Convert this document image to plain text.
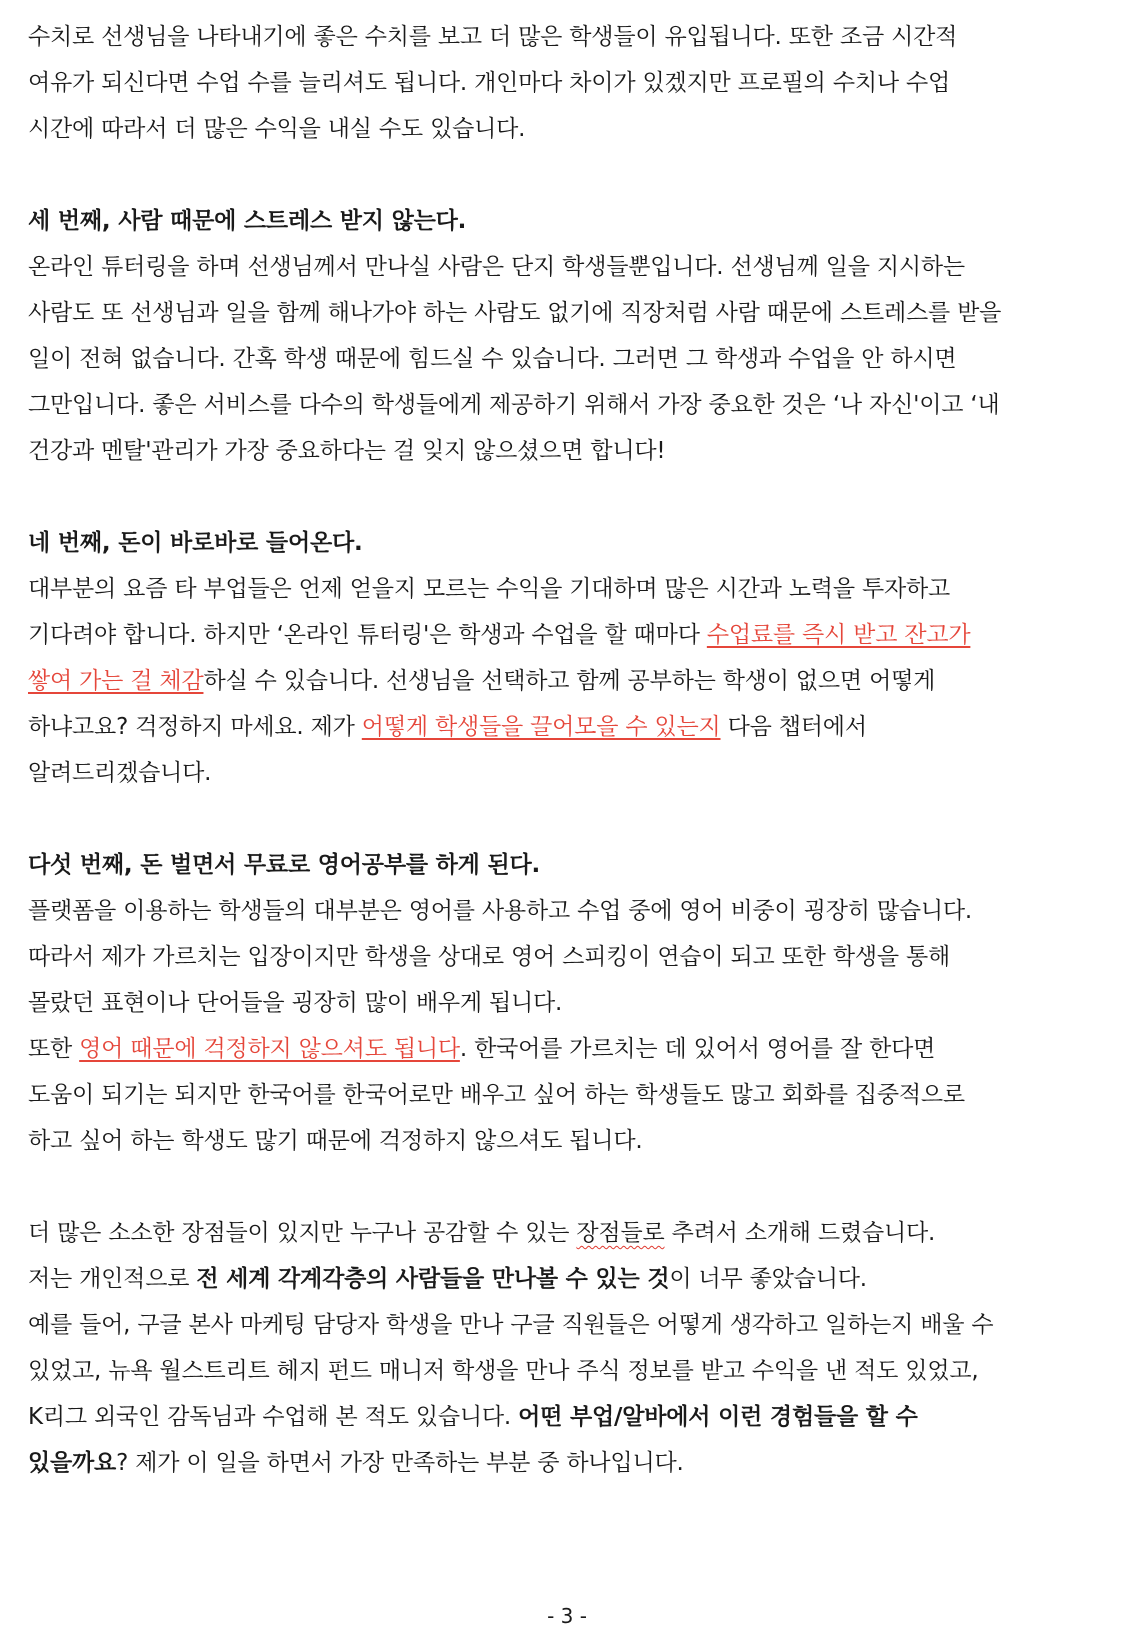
수치로 선생님을 나타내기에 좋은 수치를 보고 더 많은 학생들이 유입됩니다. 또한 조금 시간적
여유가 되신다면 수업 수를 늘리셔도 됩니다. 개인마다 차이가 있겠지만 프로필의 수치나 수업
시간에 따라서 더 많은 수익을 내실 수도 있습니다.
세 번째, 사람 때문에 스트레스 받지 않는다.
온라인 튜터링을 하며 선생님께서 만나실 사람은 단지 학생들뿐입니다. 선생님께 일을 지시하는
사람도 또 선생님과 일을 함께 해나가야 하는 사람도 없기에 직장처럼 사람 때문에 스트레스를 받을
일이 전혀 없습니다. 간혹 학생 때문에 힘드실 수 있습니다. 그러면 그 학생과 수업을 안 하시면
그만입니다. 좋은 서비스를 다수의 학생들에게 제공하기 위해서 가장 중요한 것은 ‘나 자신'이고 ‘내
건강과 멘탈'관리가 가장 중요하다는 걸 잊지 않으셨으면 합니다!
네 번째, 돈이 바로바로 들어온다.
대부분의 요즘 타 부업들은 언제 얻을지 모르는 수익을 기대하며 많은 시간과 노력을 투자하고
기다려야 합니다. 하지만 ‘온라인 튜터링'은 학생과 수업을 할 때마다 수업료를 즉시 받고 잔고가
쌓여 가는 걸 체감하실 수 있습니다. 선생님을 선택하고 함께 공부하는 학생이 없으면 어떻게
하냐고요? 걱정하지 마세요. 제가 어떻게 학생들을 끌어모을 수 있는지 다음 챕터에서
알려드리겠습니다.
다섯 번째, 돈 벌면서 무료로 영어공부를 하게 된다.
플랫폼을 이용하는 학생들의 대부분은 영어를 사용하고 수업 중에 영어 비중이 굉장히 많습니다.
따라서 제가 가르치는 입장이지만 학생을 상대로 영어 스피킹이 연습이 되고 또한 학생을 통해
몰랐던 표현이나 단어들을 굉장히 많이 배우게 됩니다.
또한 영어 때문에 걱정하지 않으셔도 됩니다. 한국어를 가르치는 데 있어서 영어를 잘 한다면
도움이 되기는 되지만 한국어를 한국어로만 배우고 싶어 하는 학생들도 많고 회화를 집중적으로
하고 싶어 하는 학생도 많기 때문에 걱정하지 않으셔도 됩니다.
더 많은 소소한 장점들이 있지만 누구나 공감할 수 있는 장점들로 추려서 소개해 드렸습니다.
저는 개인적으로 전 세계 각계각층의 사람들을 만나볼 수 있는 것이 너무 좋았습니다.
예를 들어, 구글 본사 마케팅 담당자 학생을 만나 구글 직원들은 어떻게 생각하고 일하는지 배울 수
있었고, 뉴욕 월스트리트 헤지 펀드 매니저 학생을 만나 주식 정보를 받고 수익을 낸 적도 있었고,
K리그 외국인 감독님과 수업해 본 적도 있습니다. 어떤 부업/알바에서 이런 경험들을 할 수
있을까요? 제가 이 일을 하면서 가장 만족하는 부분 중 하나입니다.
- 3 -
